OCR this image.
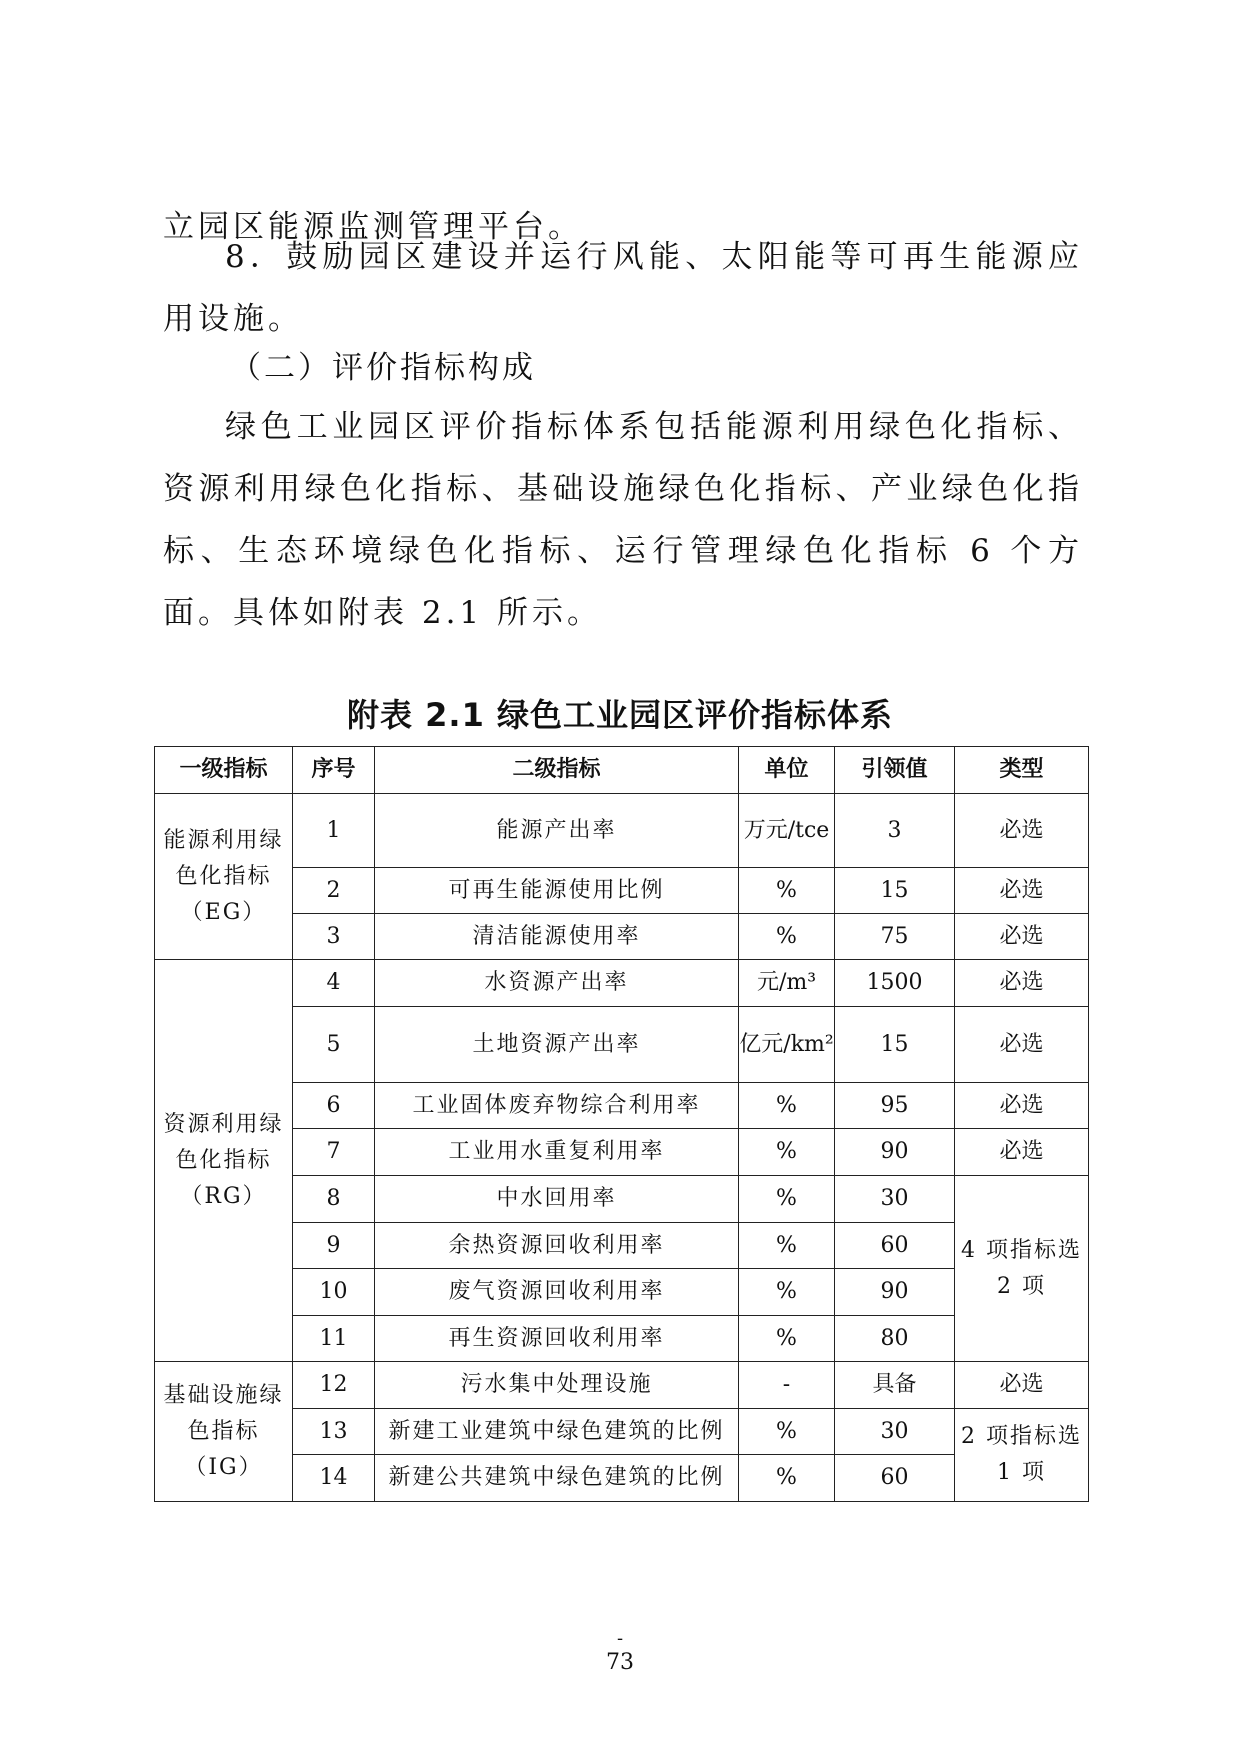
立园区能源监测管理平台。

8．鼓励园区建设并运行风能、太阳能等可再生能源应用设施。

（二）评价指标构成

绿色工业园区评价指标体系包括能源利用绿色化指标、资源利用绿色化指标、基础设施绿色化指标、产业绿色化指标、生态环境绿色化指标、运行管理绿色化指标 6 个方面。具体如附表 2.1 所示。

附表 2.1 绿色工业园区评价指标体系

一级指标	序号	二级指标	单位	引领值	类型
能源利用绿色化指标（EG）	1	能源产出率	万元/tce	3	必选
	2	可再生能源使用比例	%	15	必选
	3	清洁能源使用率	%	75	必选
资源利用绿色化指标（RG）	4	水资源产出率	元/m³	1500	必选
	5	土地资源产出率	亿元/km²	15	必选
	6	工业固体废弃物综合利用率	%	95	必选
	7	工业用水重复利用率	%	90	必选
	8	中水回用率	%	30	4 项指标选 2 项
	9	余热资源回收利用率	%	60	
	10	废气资源回收利用率	%	90	
	11	再生资源回收利用率	%	80	
基础设施绿色指标（IG）	12	污水集中处理设施	-	具备	必选
	13	新建工业建筑中绿色建筑的比例	%	30	2 项指标选 1 项
	14	新建公共建筑中绿色建筑的比例	%	60	
-
73
